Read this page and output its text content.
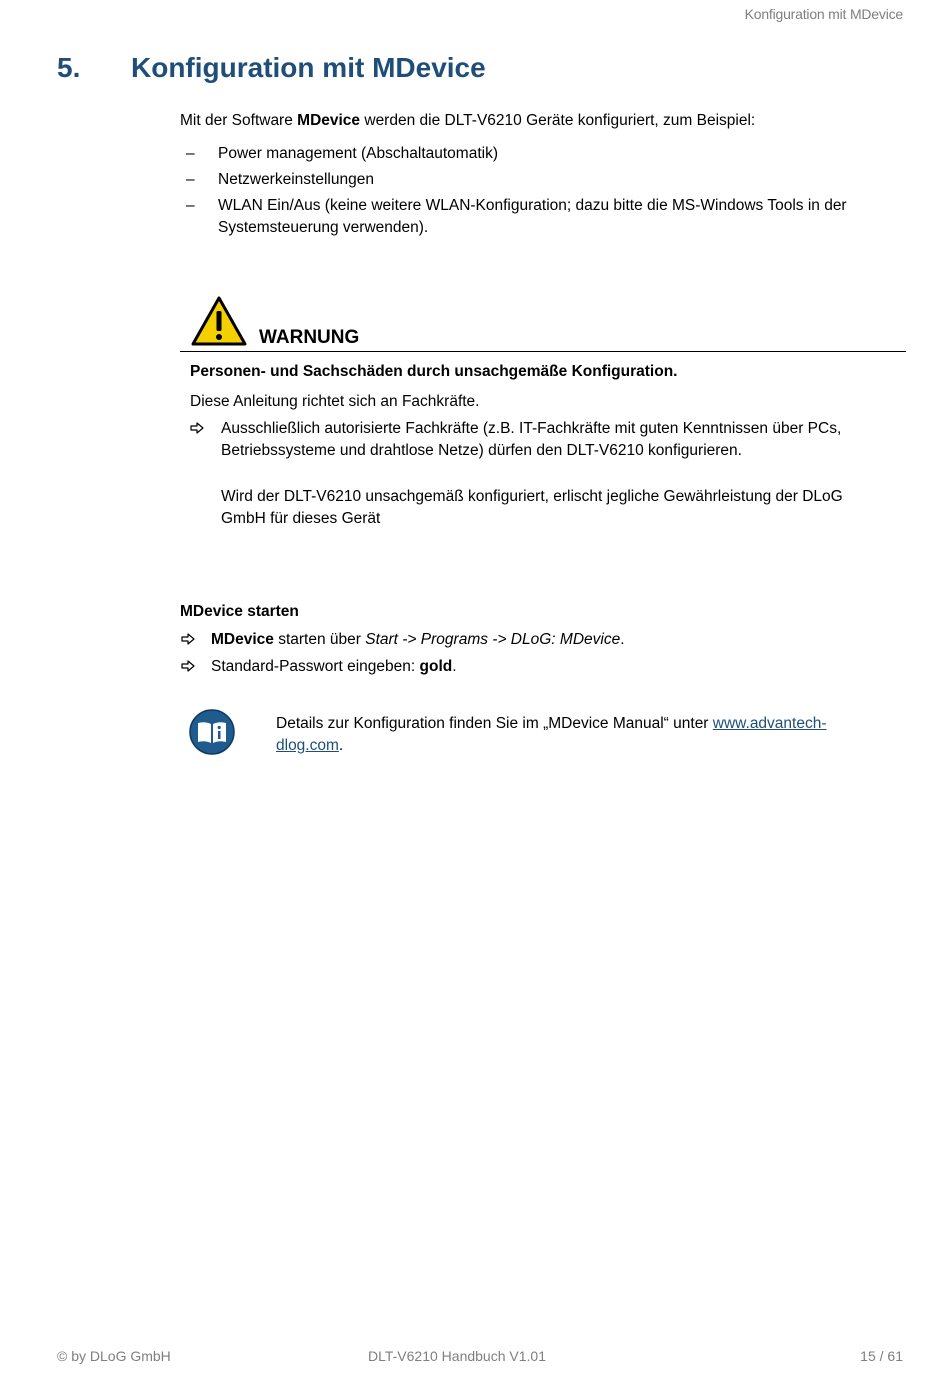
Konfiguration mit MDevice
5. Konfiguration mit MDevice
Mit der Software MDevice werden die DLT-V6210 Geräte konfiguriert, zum Beispiel:
– Power management (Abschaltautomatik)
– Netzwerkeinstellungen
– WLAN Ein/Aus (keine weitere WLAN-Konfiguration; dazu bitte die MS-Windows Tools in der Systemsteuerung verwenden).
WARNUNG
Personen- und Sachschäden durch unsachgemäße Konfiguration.
Diese Anleitung richtet sich an Fachkräfte.
Ausschließlich autorisierte Fachkräfte (z.B. IT-Fachkräfte mit guten Kenntnissen über PCs, Betriebssysteme und drahtlose Netze) dürfen den DLT-V6210 konfigurieren.
Wird der DLT-V6210 unsachgemäß konfiguriert, erlischt jegliche Gewährleistung der DLoG GmbH für dieses Gerät
MDevice starten
MDevice starten über Start -> Programs -> DLoG: MDevice.
Standard-Passwort eingeben: gold.
Details zur Konfiguration finden Sie im „MDevice Manual“ unter www.advantech-dlog.com.
© by DLoG GmbH	DLT-V6210 Handbuch V1.01	15 / 61
